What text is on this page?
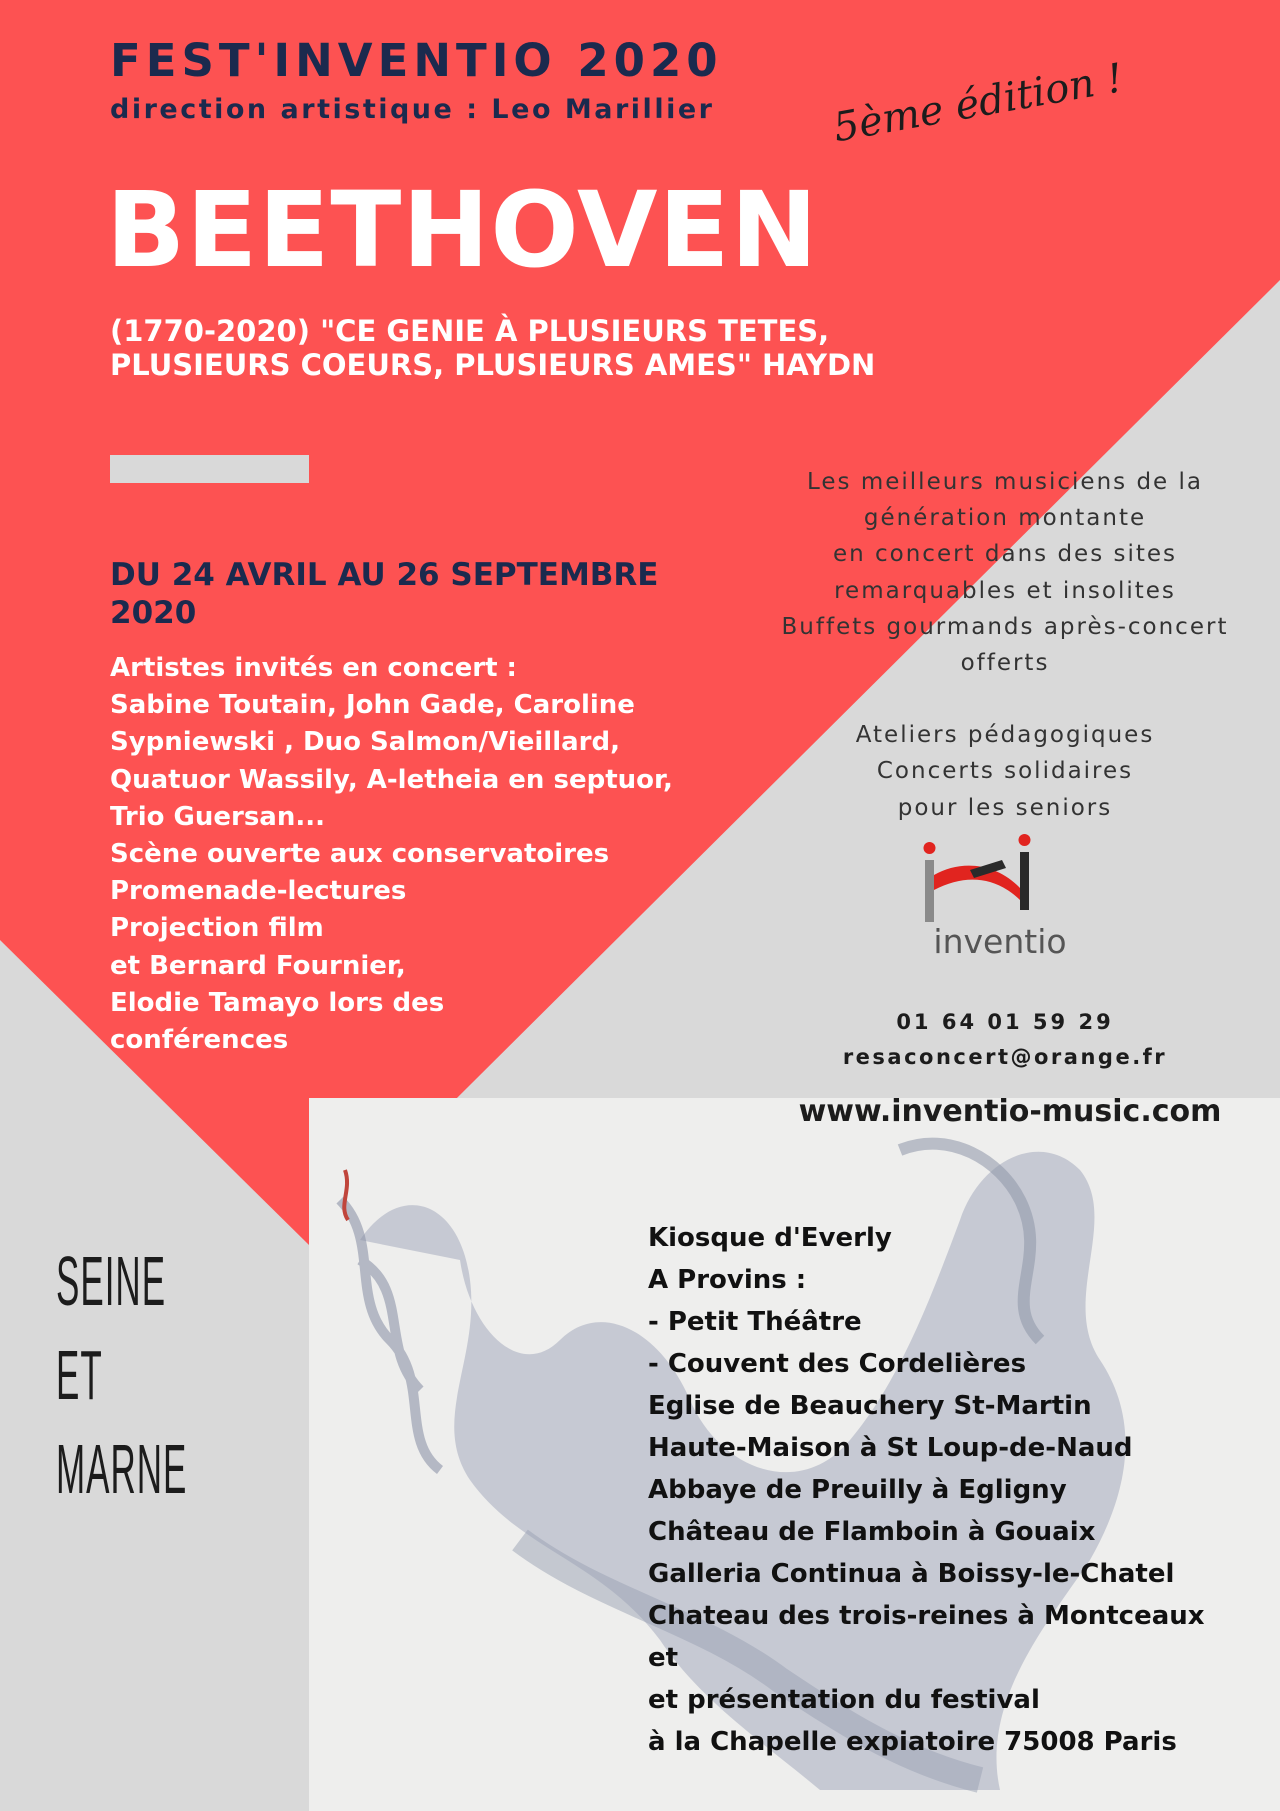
FEST'INVENTIO 2020
direction artistique : Leo Marillier	5ème édition !
BEETHOVEN
(1770-2020) "CE GENIE À PLUSIEURS TETES,
PLUSIEURS COEURS, PLUSIEURS AMES" HAYDN
DU 24 AVRIL AU 26 SEPTEMBRE
2020
Artistes invités en concert :
Sabine Toutain, John Gade, Caroline
Sypniewski , Duo Salmon/Vieillard,
Quatuor Wassily, A-letheia en septuor,
Trio Guersan...
Scène ouverte aux conservatoires
Promenade-lectures
Projection film
et Bernard Fournier,
Elodie Tamayo lors des
conférences
Les meilleurs musiciens de la
génération montante
en concert dans des sites
remarquables et insolites
Buffets gourmands après-concert
offerts
Ateliers pédagogiques
Concerts solidaires
pour les seniors
inventio
01 64 01 59 29
resaconcert@orange.fr
www.inventio-music.com
SEINE
ET
MARNE
Kiosque d'Everly
A Provins :
- Petit Théâtre
- Couvent des Cordelières
Eglise de Beauchery St-Martin
Haute-Maison à St Loup-de-Naud
Abbaye de Preuilly à Egligny
Château de Flamboin à Gouaix
Galleria Continua à Boissy-le-Chatel
Chateau des trois-reines à Montceaux
et
et présentation du festival
à la Chapelle expiatoire 75008 Paris
